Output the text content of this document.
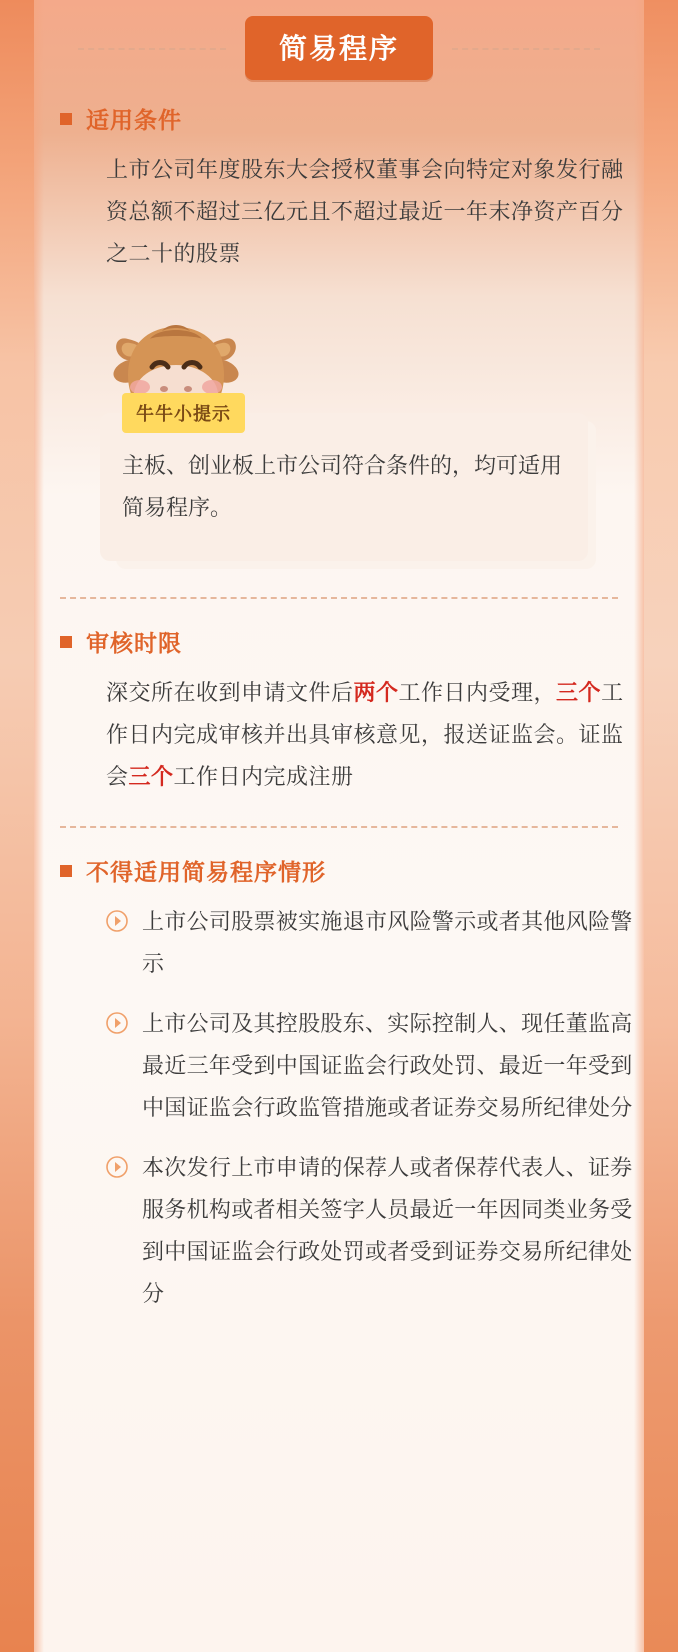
简易程序
适用条件

上市公司年度股东大会授权董事会向特定对象发行融资总额不超过三亿元且不超过最近一年末净资产百分之二十的股票

牛牛小提示
主板、创业板上市公司符合条件的，均可适用简易程序。
审核时限

深交所在收到申请文件后两个工作日内受理，三个工作日内完成审核并出具审核意见，报送证监会。证监会三个工作日内完成注册

不得适用简易程序情形
上市公司股票被实施退市风险警示或者其他风险警示
上市公司及其控股股东、实际控制人、现任董监高最近三年受到中国证监会行政处罚、最近一年受到中国证监会行政监管措施或者证券交易所纪律处分
本次发行上市申请的保荐人或者保荐代表人、证券服务机构或者相关签字人员最近一年因同类业务受到中国证监会行政处罚或者受到证券交易所纪律处分
